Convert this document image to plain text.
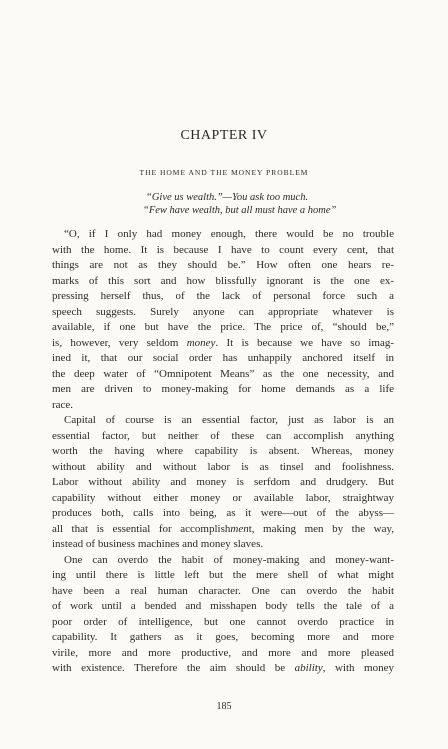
CHAPTER IV
THE HOME AND THE MONEY PROBLEM
“Give us wealth.”—You ask too much.
“Few have wealth, but all must have a home”
“O, if I only had money enough, there would be no trouble
with the home. It is because I have to count every cent, that
things are not as they should be.” How often one hears re-
marks of this sort and how blissfully ignorant is the one ex-
pressing herself thus, of the lack of personal force such a
speech suggests. Surely anyone can appropriate whatever is
available, if one but have the price. The price of, “should be,”
is, however, very seldom money. It is because we have so imag-
ined it, that our social order has unhappily anchored itself in
the deep water of “Omnipotent Means” as the one necessity, and
men are driven to money-making for home demands as a life
race.
Capital of course is an essential factor, just as labor is an
essential factor, but neither of these can accomplish anything
worth the having where capability is absent. Whereas, money
without ability and without labor is as tinsel and foolishness.
Labor without ability and money is serfdom and drudgery. But
capability without either money or available labor, straightway
produces both, calls into being, as it were—out of the abyss—
all that is essential for accomplishment, making men by the way,
instead of business machines and money slaves.
One can overdo the habit of money-making and money-want-
ing until there is little left but the mere shell of what might
have been a real human character. One can overdo the habit
of work until a bended and misshapen body tells the tale of a
poor order of intelligence, but one cannot overdo practice in
capability. It gathers as it goes, becoming more and more
virile, more and more productive, and more and more pleased
with existence. Therefore the aim should be ability, with money
185
